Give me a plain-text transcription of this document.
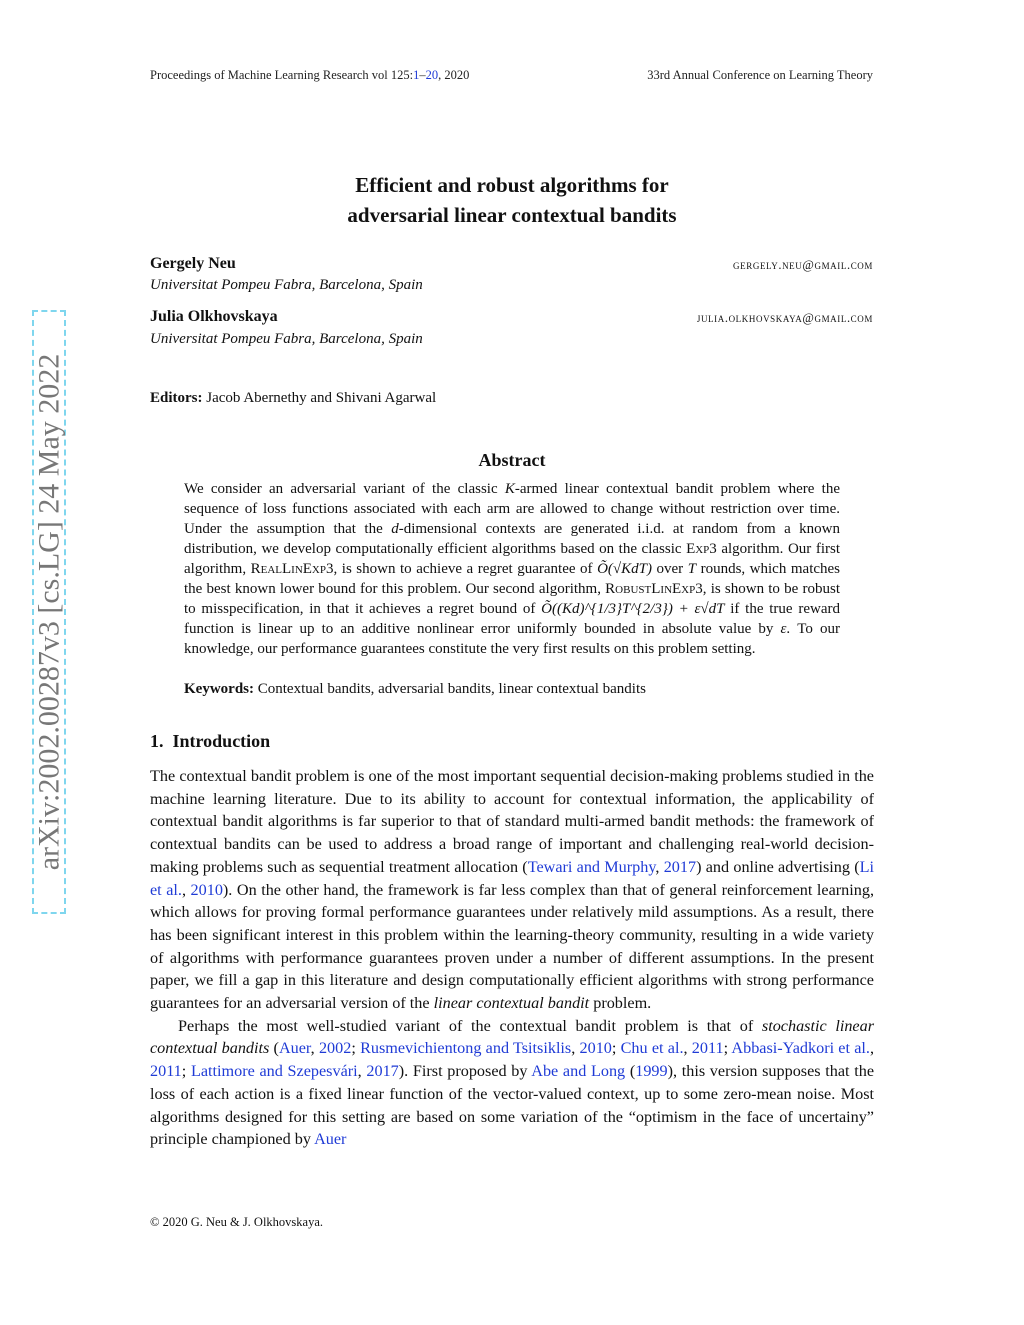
Proceedings of Machine Learning Research vol 125:1–20, 2020	33rd Annual Conference on Learning Theory
arXiv:2002.00287v3 [cs.LG] 24 May 2022
Efficient and robust algorithms for
adversarial linear contextual bandits
Gergely Neu	gergely.neu@gmail.com
Universitat Pompeu Fabra, Barcelona, Spain
Julia Olkhovskaya	julia.olkhovskaya@gmail.com
Universitat Pompeu Fabra, Barcelona, Spain
Editors: Jacob Abernethy and Shivani Agarwal
Abstract

We consider an adversarial variant of the classic K-armed linear contextual bandit problem where the sequence of loss functions associated with each arm are allowed to change without restriction over time. Under the assumption that the d-dimensional contexts are generated i.i.d. at random from a known distribution, we develop computationally efficient algorithms based on the classic Exp3 algorithm. Our first algorithm, RealLinExp3, is shown to achieve a regret guarantee of Õ(√KdT) over T rounds, which matches the best known lower bound for this problem. Our second algorithm, RobustLinExp3, is shown to be robust to misspecification, in that it achieves a regret bound of Õ((Kd)^{1/3}T^{2/3}) + ε√dT if the true reward function is linear up to an additive nonlinear error uniformly bounded in absolute value by ε. To our knowledge, our performance guarantees constitute the very first results on this problem setting.

Keywords: Contextual bandits, adversarial bandits, linear contextual bandits
1. Introduction

The contextual bandit problem is one of the most important sequential decision-making problems studied in the machine learning literature. Due to its ability to account for contextual information, the applicability of contextual bandit algorithms is far superior to that of standard multi-armed bandit methods: the framework of contextual bandits can be used to address a broad range of important and challenging real-world decision-making problems such as sequential treatment allocation (Tewari and Murphy, 2017) and online advertising (Li et al., 2010). On the other hand, the framework is far less complex than that of general reinforcement learning, which allows for proving formal performance guarantees under relatively mild assumptions. As a result, there has been significant interest in this problem within the learning-theory community, resulting in a wide variety of algorithms with performance guarantees proven under a number of different assumptions. In the present paper, we fill a gap in this literature and design computationally efficient algorithms with strong performance guarantees for an adversarial version of the linear contextual bandit problem.

Perhaps the most well-studied variant of the contextual bandit problem is that of stochastic linear contextual bandits (Auer, 2002; Rusmevichientong and Tsitsiklis, 2010; Chu et al., 2011; Abbasi-Yadkori et al., 2011; Lattimore and Szepesvári, 2017). First proposed by Abe and Long (1999), this version supposes that the loss of each action is a fixed linear function of the vector-valued context, up to some zero-mean noise. Most algorithms designed for this setting are based on some variation of the “optimism in the face of uncertainy” principle championed by Auer

© 2020 G. Neu & J. Olkhovskaya.
